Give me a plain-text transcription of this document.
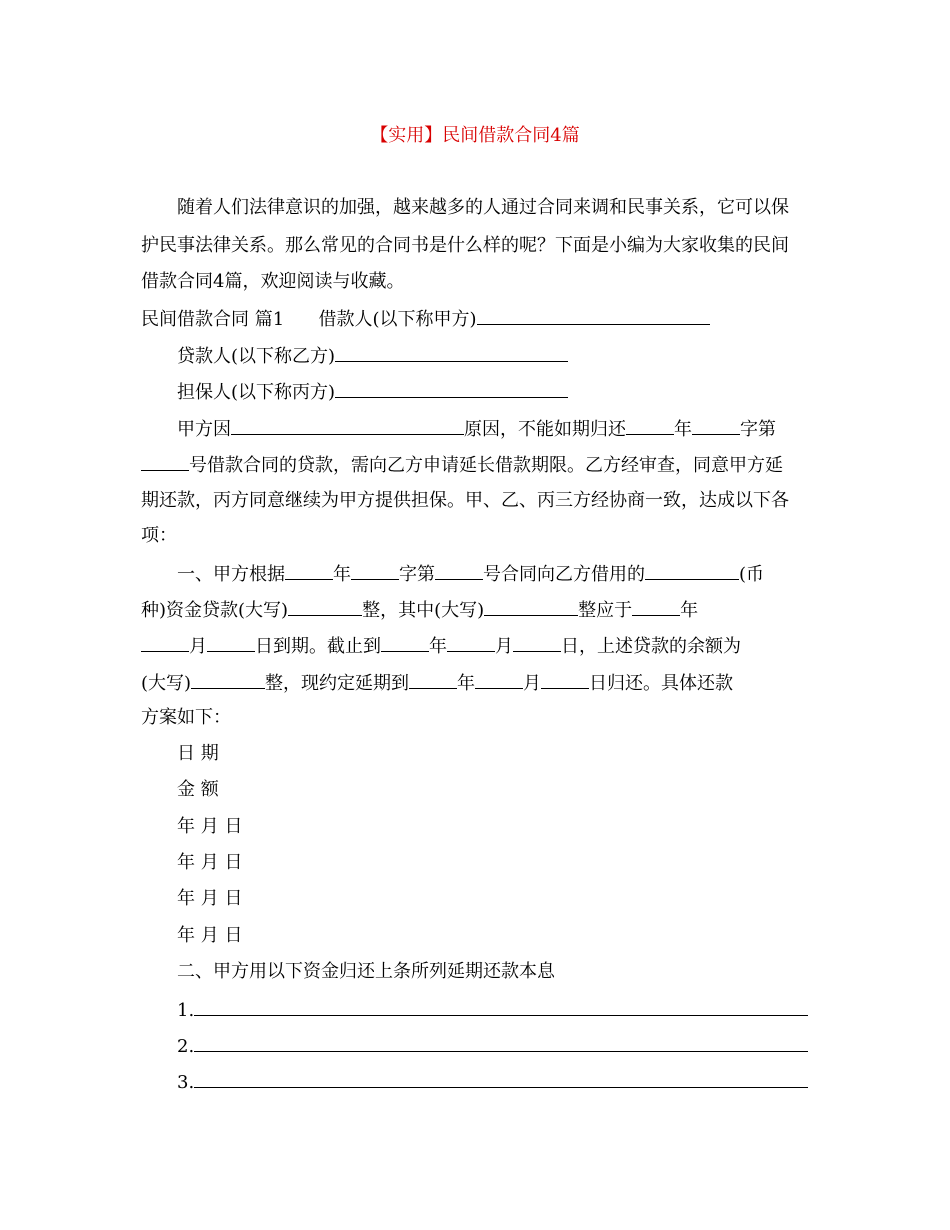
【实用】民间借款合同4篇
随着人们法律意识的加强，越来越多的人通过合同来调和民事关系，它可以保
护民事法律关系。那么常见的合同书是什么样的呢？下面是小编为大家收集的民间
借款合同4篇，欢迎阅读与收藏。
民间借款合同 篇1 借款人(以下称甲方)
贷款人(以下称乙方)
担保人(以下称丙方)
甲方因	原因，不能如期归还	年	字第
号借款合同的贷款，需向乙方申请延长借款期限。乙方经审查，同意甲方延
期还款，丙方同意继续为甲方提供担保。甲、乙、丙三方经协商一致，达成以下各
项：
一、甲方根据	年	字第	号合同向乙方借用的	(币
种)资金贷款(大写)	整，其中(大写)	整应于	年
月	日到期。截止到	年	月	日，上述贷款的余额为
(大写)	整，现约定延期到	年	月	日归还。具体还款
方案如下：
日 期
金 额
年 月 日
年 月 日
年 月 日
年 月 日
二、甲方用以下资金归还上条所列延期还款本息
1.
2.
3.
